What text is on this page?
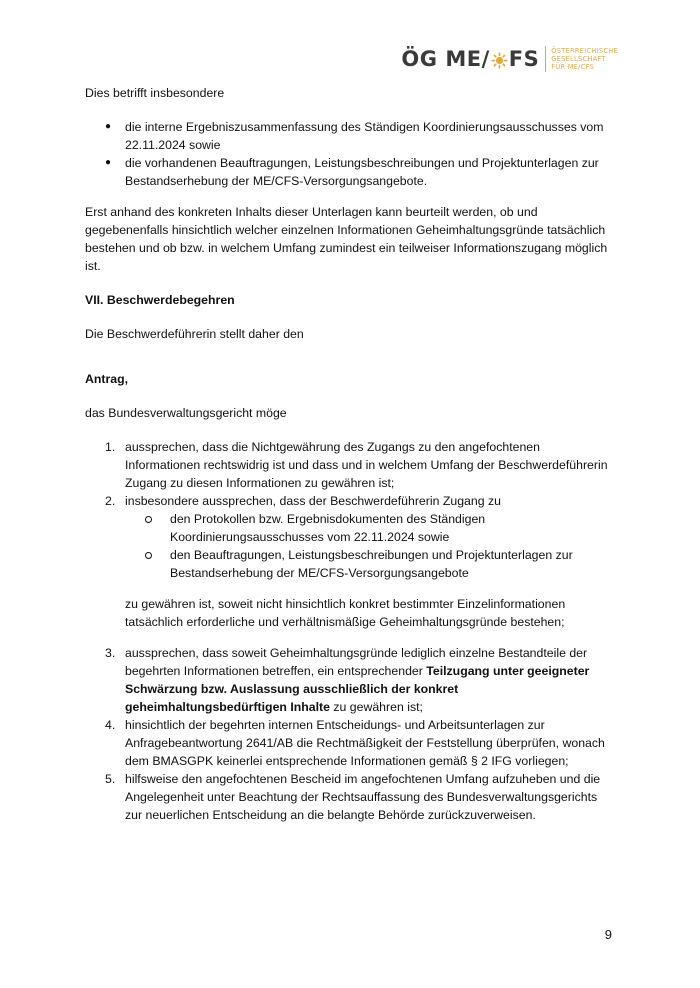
ÖG ME / FS ÖSTERREICHISCHE
GESELLSCHAFT
FÜR ME/CFS

Dies betrifft insbesondere

● die interne Ergebniszusammenfassung des Ständigen Koordinierungsausschusses vom 22.11.2024 sowie
● die vorhandenen Beauftragungen, Leistungsbeschreibungen und Projektunterlagen zur Bestandserhebung der ME/CFS-Versorgungsangebote.

Erst anhand des konkreten Inhalts dieser Unterlagen kann beurteilt werden, ob und gegebenenfalls hinsichtlich welcher einzelnen Informationen Geheimhaltungsgründe tatsächlich bestehen und ob bzw. in welchem Umfang zumindest ein teilweiser Informationszugang möglich ist.

VII. Beschwerdebegehren

Die Beschwerdeführerin stellt daher den

Antrag,

das Bundesverwaltungsgericht möge

1. aussprechen, dass die Nichtgewährung des Zugangs zu den angefochtenen Informationen rechtswidrig ist und dass und in welchem Umfang der Beschwerdeführerin Zugang zu diesen Informationen zu gewähren ist;
2. insbesondere aussprechen, dass der Beschwerdeführerin Zugang zu
den Protokollen bzw. Ergebnisdokumenten des Ständigen Koordinierungsausschusses vom 22.11.2024 sowie
den Beauftragungen, Leistungsbeschreibungen und Projektunterlagen zur Bestandserhebung der ME/CFS-Versorgungsangebote

zu gewähren ist, soweit nicht hinsichtlich konkret bestimmter Einzelinformationen tatsächlich erforderliche und verhältnismäßige Geheimhaltungsgründe bestehen;

3. aussprechen, dass soweit Geheimhaltungsgründe lediglich einzelne Bestandteile der begehrten Informationen betreffen, ein entsprechender Teilzugang unter geeigneter Schwärzung bzw. Auslassung ausschließlich der konkret geheimhaltungsbedürftigen Inhalte zu gewähren ist;
4. hinsichtlich der begehrten internen Entscheidungs- und Arbeitsunterlagen zur Anfragebeantwortung 2641/AB die Rechtmäßigkeit der Feststellung überprüfen, wonach dem BMASGPK keinerlei entsprechende Informationen gemäß § 2 IFG vorliegen;
5. hilfsweise den angefochtenen Bescheid im angefochtenen Umfang aufzuheben und die Angelegenheit unter Beachtung der Rechtsauffassung des Bundesverwaltungsgerichts zur neuerlichen Entscheidung an die belangte Behörde zurückzuverweisen.
9
